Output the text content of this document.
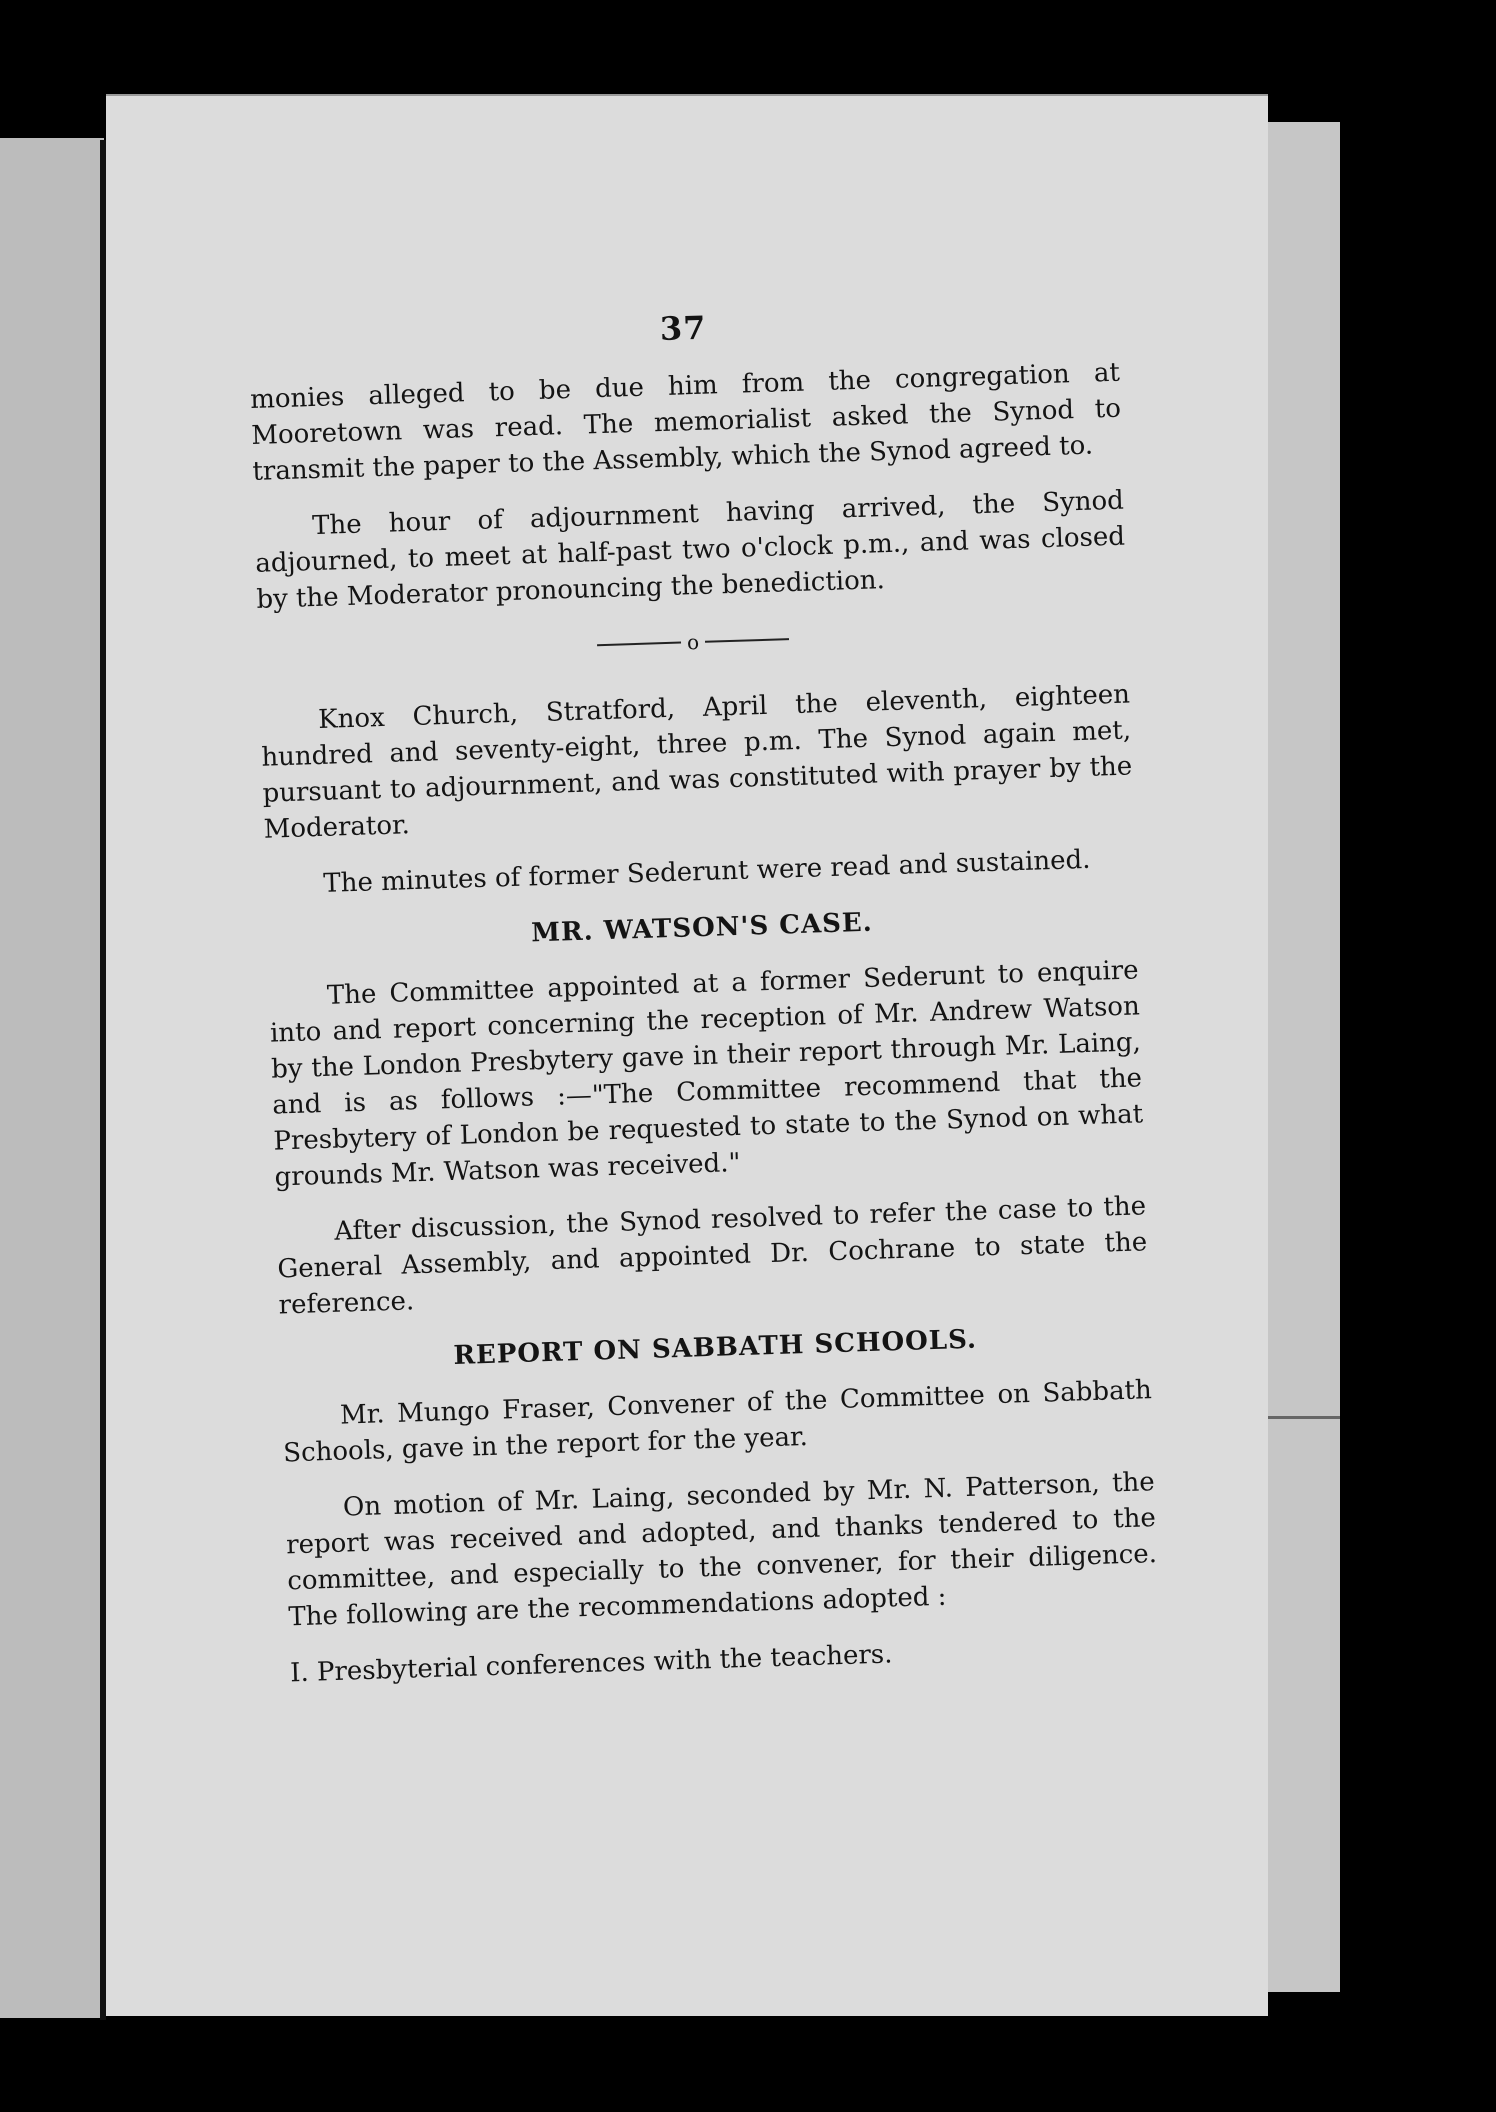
37

monies alleged to be due him from the congregation at Mooretown was read. The memorialist asked the Synod to transmit the paper to the Assembly, which the Synod agreed to.

The hour of adjournment having arrived, the Synod adjourned, to meet at half-past two o'clock p.m., and was closed by the Moderator pronouncing the benediction.

o

Knox Church, Stratford, April the eleventh, eighteen hundred and seventy-eight, three p.m. The Synod again met, pursuant to adjournment, and was constituted with prayer by the Moderator.

The minutes of former Sederunt were read and sustained.

MR. WATSON'S CASE.

The Committee appointed at a former Sederunt to enquire into and report concerning the reception of Mr. Andrew Watson by the London Presbytery gave in their report through Mr. Laing, and is as follows :—"The Committee recommend that the Presbytery of London be requested to state to the Synod on what grounds Mr. Watson was received."

After discussion, the Synod resolved to refer the case to the General Assembly, and appointed Dr. Cochrane to state the reference.

REPORT ON SABBATH SCHOOLS.

Mr. Mungo Fraser, Convener of the Committee on Sabbath Schools, gave in the report for the year.

On motion of Mr. Laing, seconded by Mr. N. Patterson, the report was received and adopted, and thanks tendered to the committee, and especially to the convener, for their diligence. The following are the recommendations adopted :

I. Presbyterial conferences with the teachers.
